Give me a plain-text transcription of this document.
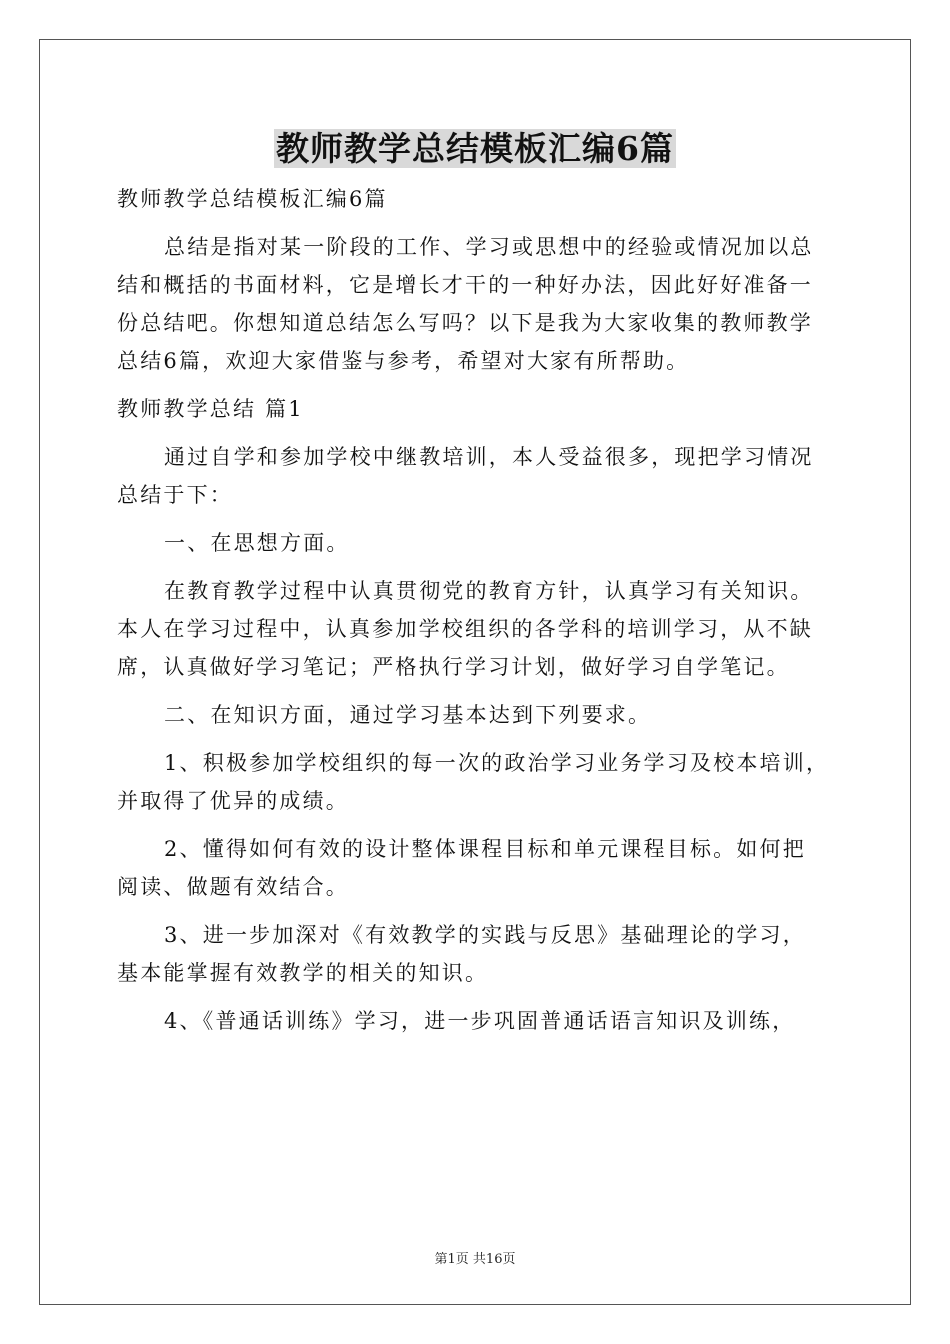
教师教学总结模板汇编6篇

教师教学总结模板汇编6篇

总结是指对某一阶段的工作、学习或思想中的经验或情况加以总

结和概括的书面材料，它是增长才干的一种好办法，因此好好准备一

份总结吧。你想知道总结怎么写吗？以下是我为大家收集的教师教学

总结6篇，欢迎大家借鉴与参考，希望对大家有所帮助。

教师教学总结 篇1

通过自学和参加学校中继教培训，本人受益很多，现把学习情况

总结于下：

一、在思想方面。

在教育教学过程中认真贯彻党的教育方针，认真学习有关知识。

本人在学习过程中，认真参加学校组织的各学科的培训学习，从不缺

席，认真做好学习笔记；严格执行学习计划，做好学习自学笔记。

二、在知识方面，通过学习基本达到下列要求。

1、积极参加学校组织的每一次的政治学习业务学习及校本培训，

并取得了优异的成绩。

2、懂得如何有效的设计整体课程目标和单元课程目标。如何把

阅读、做题有效结合。

3、进一步加深对《有效教学的实践与反思》基础理论的学习，

基本能掌握有效教学的相关的知识。

4、《普通话训练》学习，进一步巩固普通话语言知识及训练，

第1页 共16页
